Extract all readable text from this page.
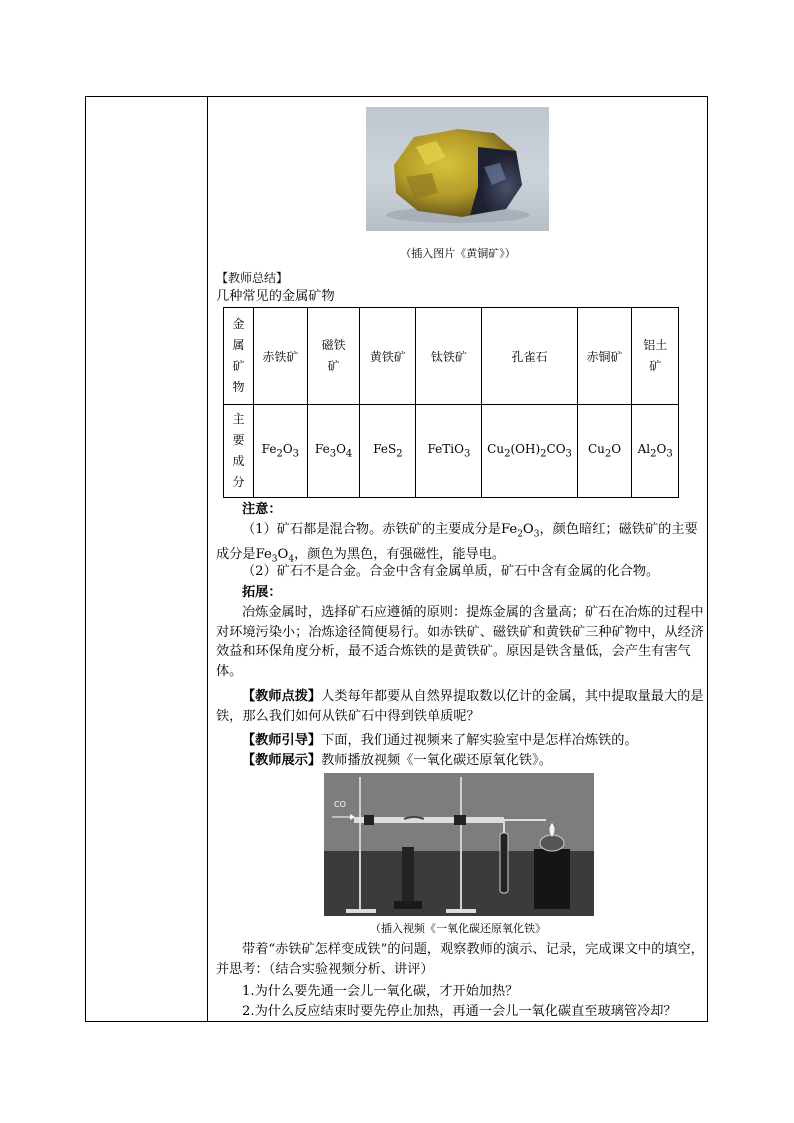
（插入图片《黄铜矿》）
【教师总结】
几种常见的金属矿物
金属矿物	赤铁矿	磁铁矿	黄铁矿	钛铁矿	孔雀石	赤铜矿	铝土矿
主要成分	$Fe_2O_3$	$Fe_3O_4$	FeS$_2$	FeTiO$_3$	$Cu_2(OH)_2CO_3$	$Cu_2O$	$Al_2O_3$
注意：
（1）矿石都是混合物。赤铁矿的主要成分是$Fe_2O_3$，颜色暗红；磁铁矿的主要成分是$Fe_3O_4$，颜色为黑色，有强磁性，能导电。
（2）矿石不是合金。合金中含有金属单质，矿石中含有金属的化合物。
拓展：
冶炼金属时，选择矿石应遵循的原则：提炼金属的含量高；矿石在冶炼的过程中对环境污染小；冶炼途径简便易行。如赤铁矿、磁铁矿和黄铁矿三种矿物中，从经济效益和环保角度分析，最不适合炼铁的是黄铁矿。原因是铁含量低，会产生有害气体。
【教师点拨】人类每年都要从自然界提取数以亿计的金属，其中提取量最大的是铁，那么我们如何从铁矿石中得到铁单质呢？
【教师引导】下面，我们通过视频来了解实验室中是怎样冶炼铁的。
【教师展示】教师播放视频《一氧化碳还原氧化铁》。
CO
（插入视频《一氧化碳还原氧化铁》
带着“赤铁矿怎样变成铁”的问题，观察教师的演示、记录，完成课文中的填空，并思考：（结合实验视频分析、讲评）
1.为什么要先通一会儿一氧化碳，才开始加热？
2.为什么反应结束时要先停止加热，再通一会儿一氧化碳直至玻璃管冷却？
